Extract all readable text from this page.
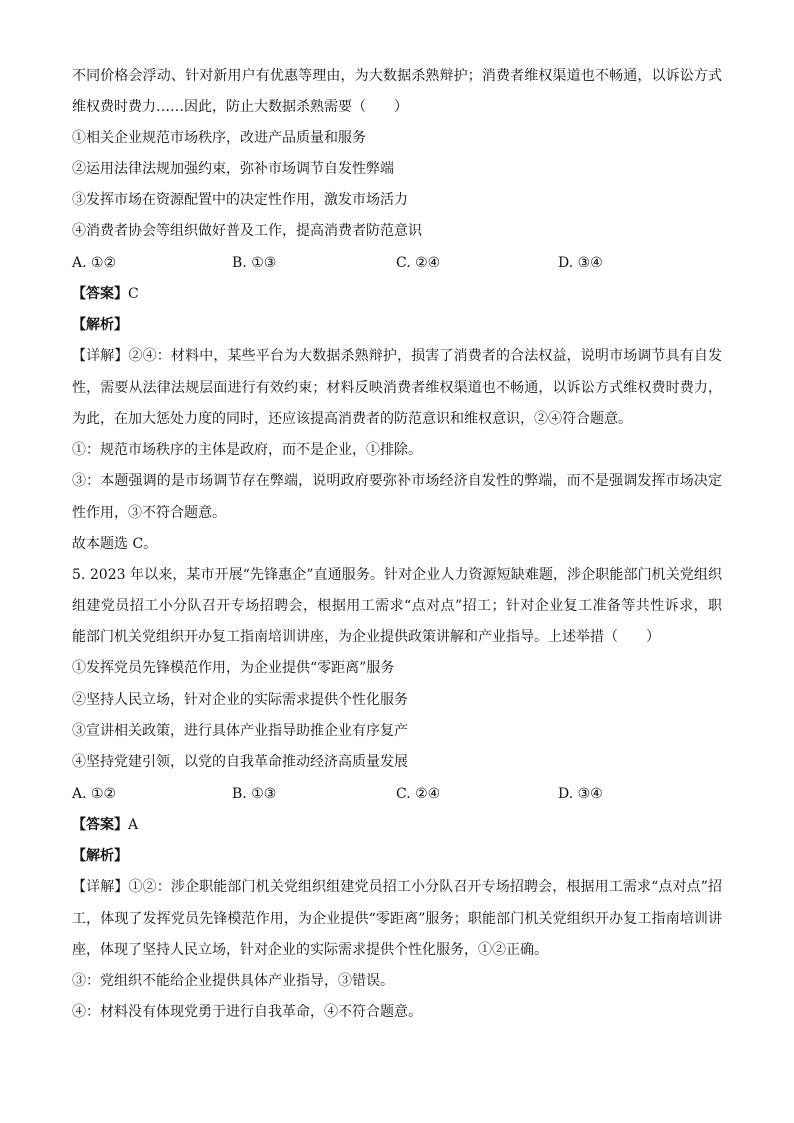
不同价格会浮动、针对新用户有优惠等理由，为大数据杀熟辩护；消费者维权渠道也不畅通，以诉讼方式
维权费时费力……因此，防止大数据杀熟需要（　　）
①相关企业规范市场秩序，改进产品质量和服务
②运用法律法规加强约束，弥补市场调节自发性弊端
③发挥市场在资源配置中的决定性作用，激发市场活力
④消费者协会等组织做好普及工作，提高消费者防范意识
A. ①②	B. ①③	C. ②④	D. ③④
【答案】C
【解析】
【详解】②④：材料中，某些平台为大数据杀熟辩护，损害了消费者的合法权益，说明市场调节具有自发
性，需要从法律法规层面进行有效约束；材料反映消费者维权渠道也不畅通，以诉讼方式维权费时费力，
为此，在加大惩处力度的同时，还应该提高消费者的防范意识和维权意识，②④符合题意。
①：规范市场秩序的主体是政府，而不是企业，①排除。
③：本题强调的是市场调节存在弊端，说明政府要弥补市场经济自发性的弊端，而不是强调发挥市场决定
性作用，③不符合题意。
故本题选 C。
5. 2023 年以来，某市开展“先锋惠企”直通服务。针对企业人力资源短缺难题，涉企职能部门机关党组织
组建党员招工小分队召开专场招聘会，根据用工需求“点对点”招工；针对企业复工准备等共性诉求，职
能部门机关党组织开办复工指南培训讲座，为企业提供政策讲解和产业指导。上述举措（　　）
①发挥党员先锋模范作用，为企业提供“零距离”服务
②坚持人民立场，针对企业的实际需求提供个性化服务
③宣讲相关政策，进行具体产业指导助推企业有序复产
④坚持党建引领，以党的自我革命推动经济高质量发展
A. ①②	B. ①③	C. ②④	D. ③④
【答案】A
【解析】
【详解】①②：涉企职能部门机关党组织组建党员招工小分队召开专场招聘会，根据用工需求“点对点”招
工，体现了发挥党员先锋模范作用，为企业提供“零距离”服务；职能部门机关党组织开办复工指南培训讲
座，体现了坚持人民立场，针对企业的实际需求提供个性化服务，①②正确。
③：党组织不能给企业提供具体产业指导，③错误。
④：材料没有体现党勇于进行自我革命，④不符合题意。
